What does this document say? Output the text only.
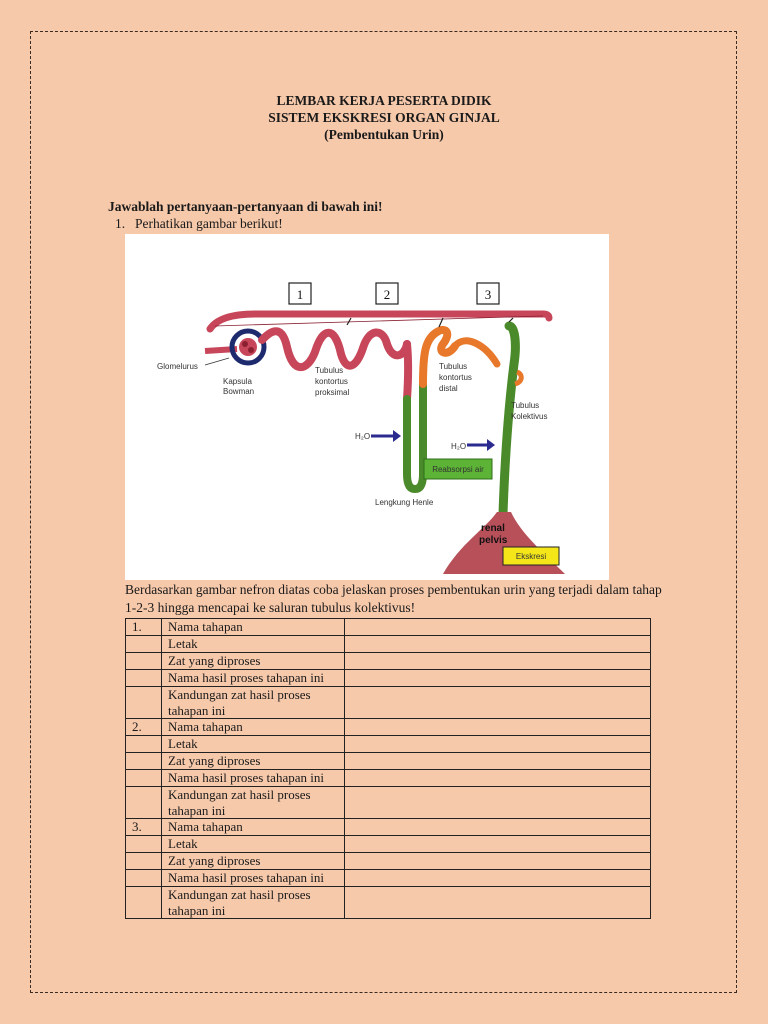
LEMBAR KERJA PESERTA DIDIK
SISTEM EKSKRESI ORGAN GINJAL
(Pembentukan Urin)
Jawablah pertanyaan-pertanyaan di bawah ini!
1. Perhatikan gambar berikut!
1	2	3
Glomelurus
Kapsula
Bowman
Tubulus
kontortus
proksimal
Tubulus
kontortus
distal
Tubulus
Kolektivus
H₂O
H₂O
Reabsorpsi air
Lengkung Henle
renal
pelvis
Ekskresi
Berdasarkan gambar nefron diatas coba jelaskan proses pembentukan urin yang terjadi dalam tahap
1-2-3 hingga mencapai ke saluran tubulus kolektivus!
1.	Nama tahapan	
	Letak	
	Zat yang diproses	
	Nama hasil proses tahapan ini	
	Kandungan zat hasil proses tahapan ini	
2.	Nama tahapan	
	Letak	
	Zat yang diproses	
	Nama hasil proses tahapan ini	
	Kandungan zat hasil proses tahapan ini	
3.	Nama tahapan	
	Letak	
	Zat yang diproses	
	Nama hasil proses tahapan ini	
	Kandungan zat hasil proses tahapan ini	
